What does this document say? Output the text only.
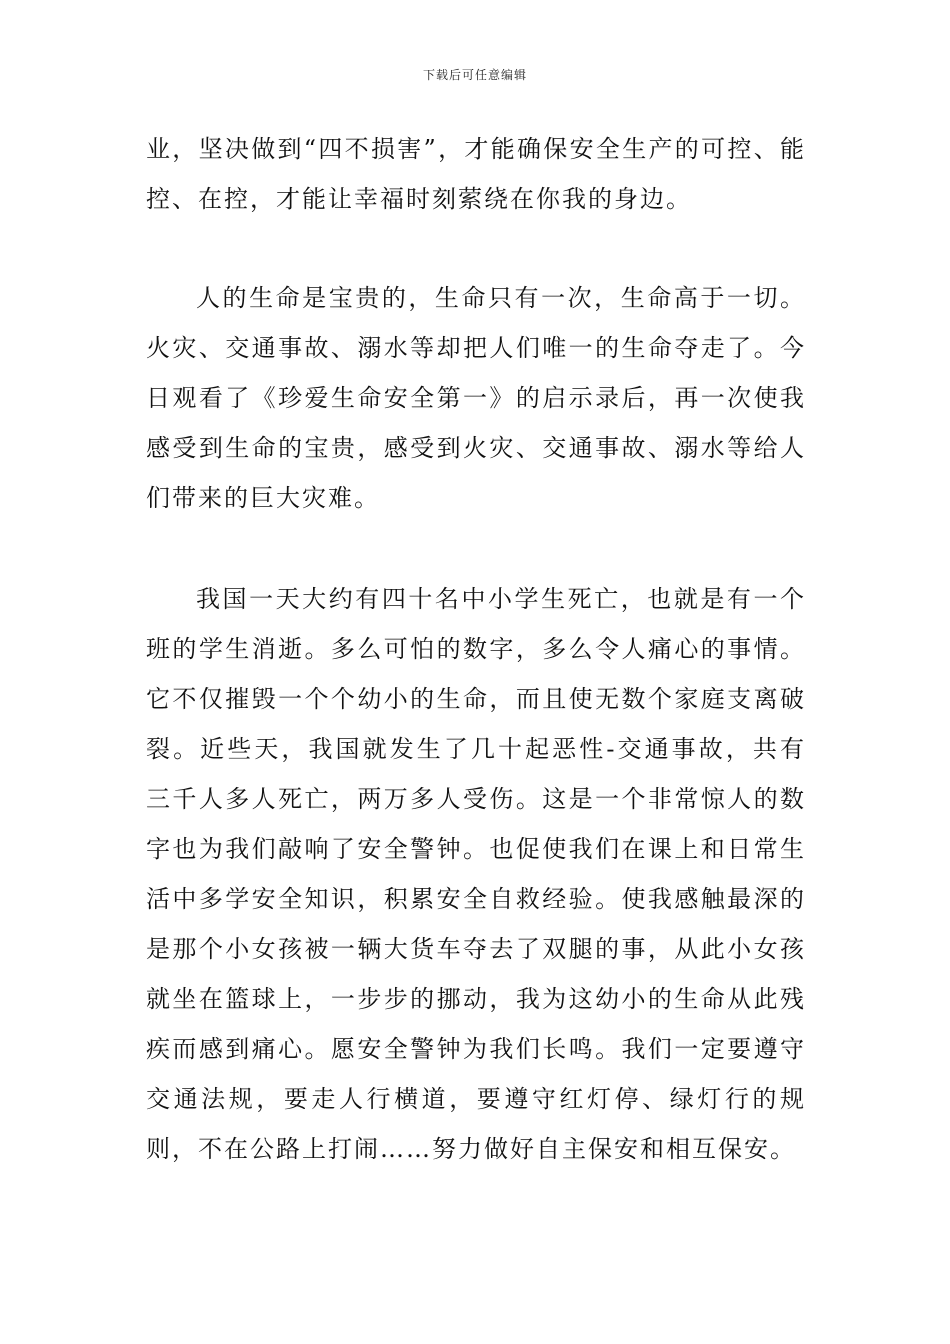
下载后可任意编辑

业，坚决做到“四不损害”，才能确保安全生产的可控、能控、在控，才能让幸福时刻萦绕在你我的身边。

人的生命是宝贵的，生命只有一次，生命高于一切。火灾、交通事故、溺水等却把人们唯一的生命夺走了。今日观看了《珍爱生命安全第一》的启示录后，再一次使我感受到生命的宝贵，感受到火灾、交通事故、溺水等给人们带来的巨大灾难。

我国一天大约有四十名中小学生死亡，也就是有一个班的学生消逝。多么可怕的数字，多么令人痛心的事情。它不仅摧毁一个个幼小的生命，而且使无数个家庭支离破裂。近些天，我国就发生了几十起恶性-交通事故，共有三千人多人死亡，两万多人受伤。这是一个非常惊人的数字也为我们敲响了安全警钟。也促使我们在课上和日常生活中多学安全知识，积累安全自救经验。使我感触最深的是那个小女孩被一辆大货车夺去了双腿的事，从此小女孩就坐在篮球上，一步步的挪动，我为这幼小的生命从此残疾而感到痛心。愿安全警钟为我们长鸣。我们一定要遵守交通法规，要走人行横道，要遵守红灯停、绿灯行的规则，不在公路上打闹……努力做好自主保安和相互保安。
